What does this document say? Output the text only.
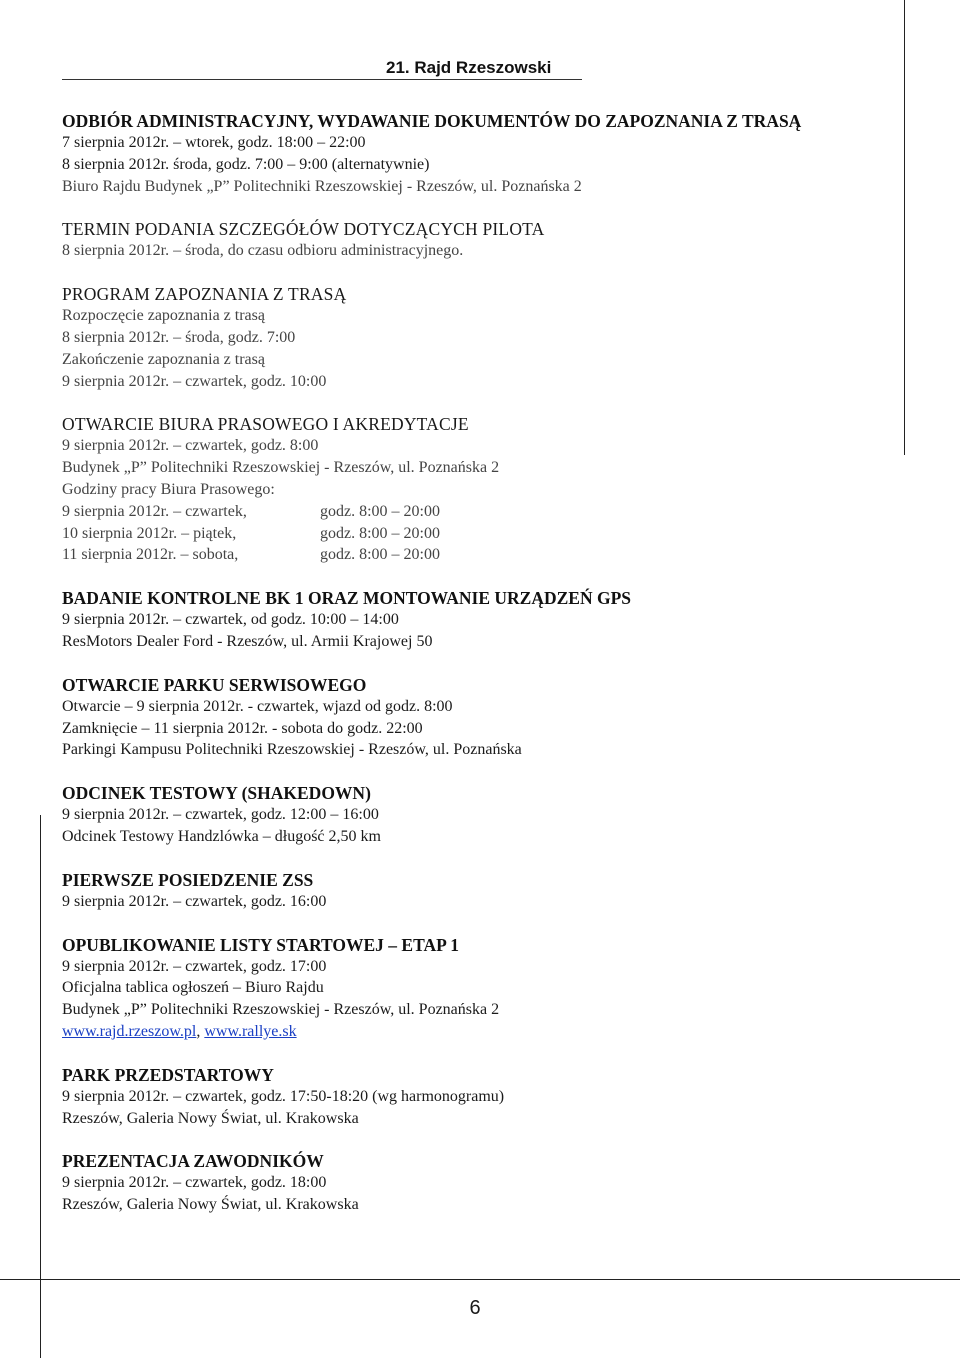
21. Rajd Rzeszowski
ODBIÓR ADMINISTRACYJNY, WYDAWANIE DOKUMENTÓW DO ZAPOZNANIA Z TRASĄ
7 sierpnia 2012r. – wtorek, godz. 18:00 – 22:00
8 sierpnia 2012r. środa, godz. 7:00 – 9:00 (alternatywnie)
Biuro Rajdu Budynek „P” Politechniki Rzeszowskiej - Rzeszów, ul. Poznańska 2
TERMIN PODANIA SZCZEGÓŁÓW DOTYCZĄCYCH PILOTA
8 sierpnia 2012r. – środa, do czasu odbioru administracyjnego.
PROGRAM ZAPOZNANIA Z TRASĄ
Rozpoczęcie zapoznania z trasą
8 sierpnia 2012r. – środa, godz. 7:00
Zakończenie zapoznania z trasą
9 sierpnia 2012r. – czwartek, godz. 10:00
OTWARCIE BIURA PRASOWEGO I AKREDYTACJE
9 sierpnia 2012r. – czwartek, godz. 8:00
Budynek „P” Politechniki Rzeszowskiej - Rzeszów, ul. Poznańska 2
Godziny pracy Biura Prasowego:
9 sierpnia 2012r. – czwartek,	godz. 8:00 – 20:00
10 sierpnia 2012r. – piątek,	godz. 8:00 – 20:00
11 sierpnia 2012r. – sobota,	godz. 8:00 – 20:00
BADANIE KONTROLNE BK 1 ORAZ MONTOWANIE URZĄDZEŃ GPS
9 sierpnia 2012r. – czwartek, od godz. 10:00 – 14:00
ResMotors Dealer Ford - Rzeszów, ul. Armii Krajowej 50
OTWARCIE PARKU SERWISOWEGO
Otwarcie – 9 sierpnia 2012r. - czwartek, wjazd od godz. 8:00
Zamknięcie – 11 sierpnia 2012r. - sobota do godz. 22:00
Parkingi Kampusu Politechniki Rzeszowskiej - Rzeszów, ul. Poznańska
ODCINEK TESTOWY (SHAKEDOWN)
9 sierpnia 2012r. – czwartek, godz. 12:00 – 16:00
Odcinek Testowy Handzlówka – długość 2,50 km
PIERWSZE POSIEDZENIE ZSS
9 sierpnia 2012r. – czwartek, godz. 16:00
OPUBLIKOWANIE LISTY STARTOWEJ – ETAP 1
9 sierpnia 2012r. – czwartek, godz. 17:00
Oficjalna tablica ogłoszeń – Biuro Rajdu
Budynek „P” Politechniki Rzeszowskiej - Rzeszów, ul. Poznańska 2
www.rajd.rzeszow.pl, www.rallye.sk
PARK PRZEDSTARTOWY
9 sierpnia 2012r. – czwartek, godz. 17:50-18:20 (wg harmonogramu)
Rzeszów, Galeria Nowy Świat, ul. Krakowska
PREZENTACJA ZAWODNIKÓW
9 sierpnia 2012r. – czwartek, godz. 18:00
Rzeszów, Galeria Nowy Świat, ul. Krakowska
6
